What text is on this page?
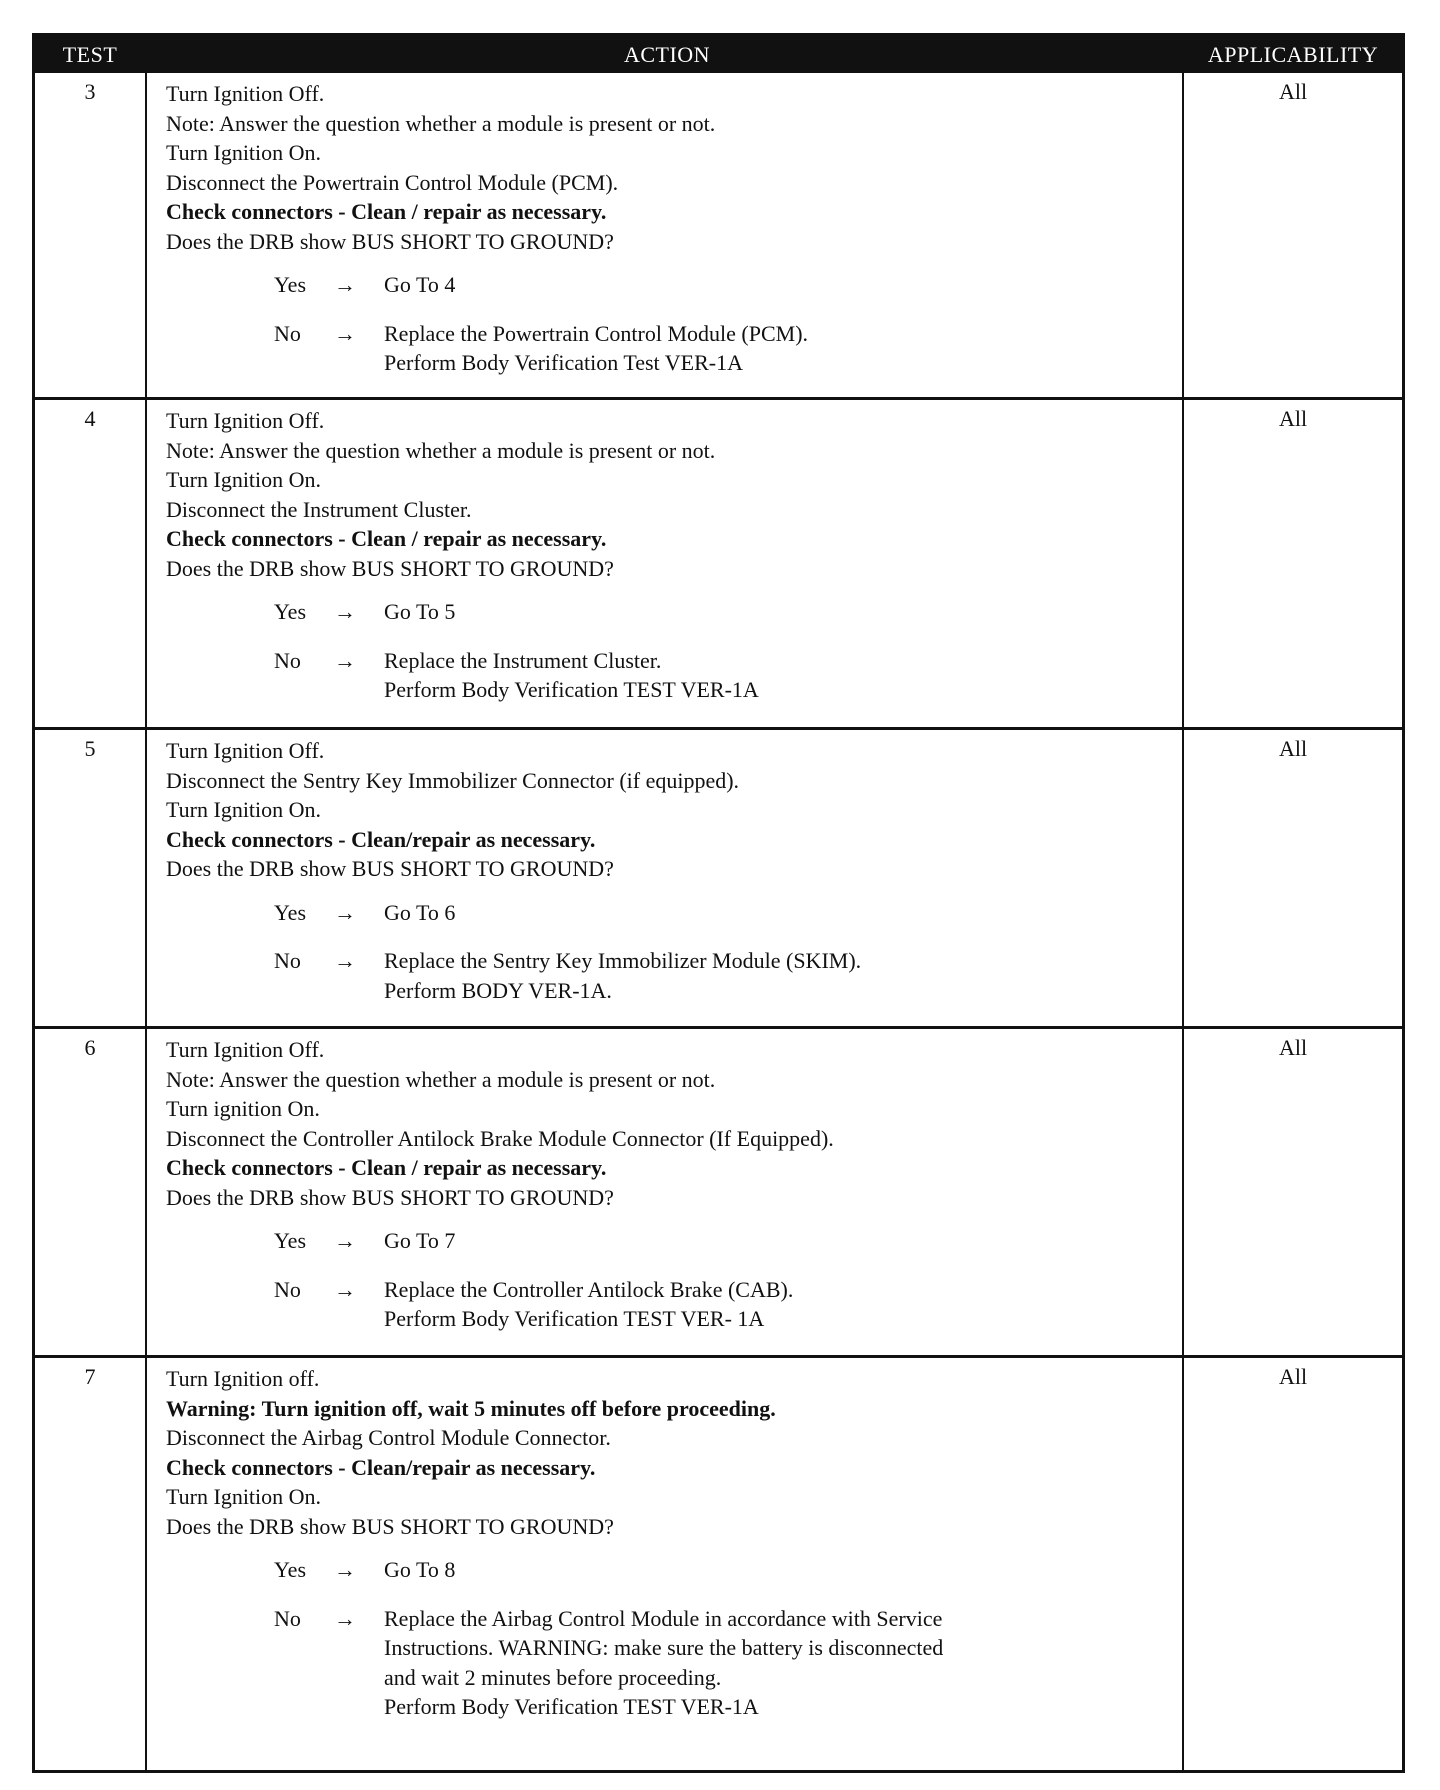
TEST	ACTION	APPLICABILITY
3	Turn Ignition Off.
Note: Answer the question whether a module is present or not.
Turn Ignition On.
Disconnect the Powertrain Control Module (PCM).
Check connectors - Clean / repair as necessary.
Does the DRB show BUS SHORT TO GROUND?
Yes	→	Go To 4
No	→	Replace the Powertrain Control Module (PCM).
Perform Body Verification Test VER-1A
All
4	Turn Ignition Off.
Note: Answer the question whether a module is present or not.
Turn Ignition On.
Disconnect the Instrument Cluster.
Check connectors - Clean / repair as necessary.
Does the DRB show BUS SHORT TO GROUND?
Yes	→	Go To 5
No	→	Replace the Instrument Cluster.
Perform Body Verification TEST VER-1A
All
5	Turn Ignition Off.
Disconnect the Sentry Key Immobilizer Connector (if equipped).
Turn Ignition On.
Check connectors - Clean/repair as necessary.
Does the DRB show BUS SHORT TO GROUND?
Yes	→	Go To 6
No	→	Replace the Sentry Key Immobilizer Module (SKIM).
Perform BODY VER-1A.
All
6	Turn Ignition Off.
Note: Answer the question whether a module is present or not.
Turn ignition On.
Disconnect the Controller Antilock Brake Module Connector (If Equipped).
Check connectors - Clean / repair as necessary.
Does the DRB show BUS SHORT TO GROUND?
Yes	→	Go To 7
No	→	Replace the Controller Antilock Brake (CAB).
Perform Body Verification TEST VER- 1A
All
7	Turn Ignition off.
Warning: Turn ignition off, wait 5 minutes off before proceeding.
Disconnect the Airbag Control Module Connector.
Check connectors - Clean/repair as necessary.
Turn Ignition On.
Does the DRB show BUS SHORT TO GROUND?
Yes	→	Go To 8
No	→	Replace the Airbag Control Module in accordance with Service
Instructions. WARNING: make sure the battery is disconnected
and wait 2 minutes before proceeding.
Perform Body Verification TEST VER-1A
All
